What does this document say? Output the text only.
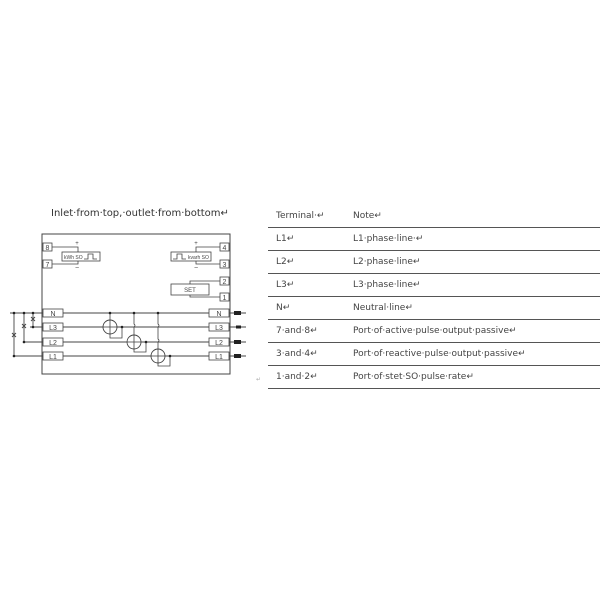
Inlet·from·top,·outlet·from·bottom↵
8
7
+
−
kWh SO
4
3
+
−
kvarh SO
2
1
SET
N
L3
L2
L1
N
L3
L2
L1
↵
Terminal·↵	Note↵
L1↵	L1·phase·line·↵
L2↵	L2·phase·line↵
L3↵	L3·phase·line↵
N↵	Neutral·line↵
7·and·8↵	Port·of·active·pulse·output·passive↵
3·and·4↵	Port·of·reactive·pulse·output·passive↵
1·and·2↵	Port·of·stet·SO·pulse·rate↵
